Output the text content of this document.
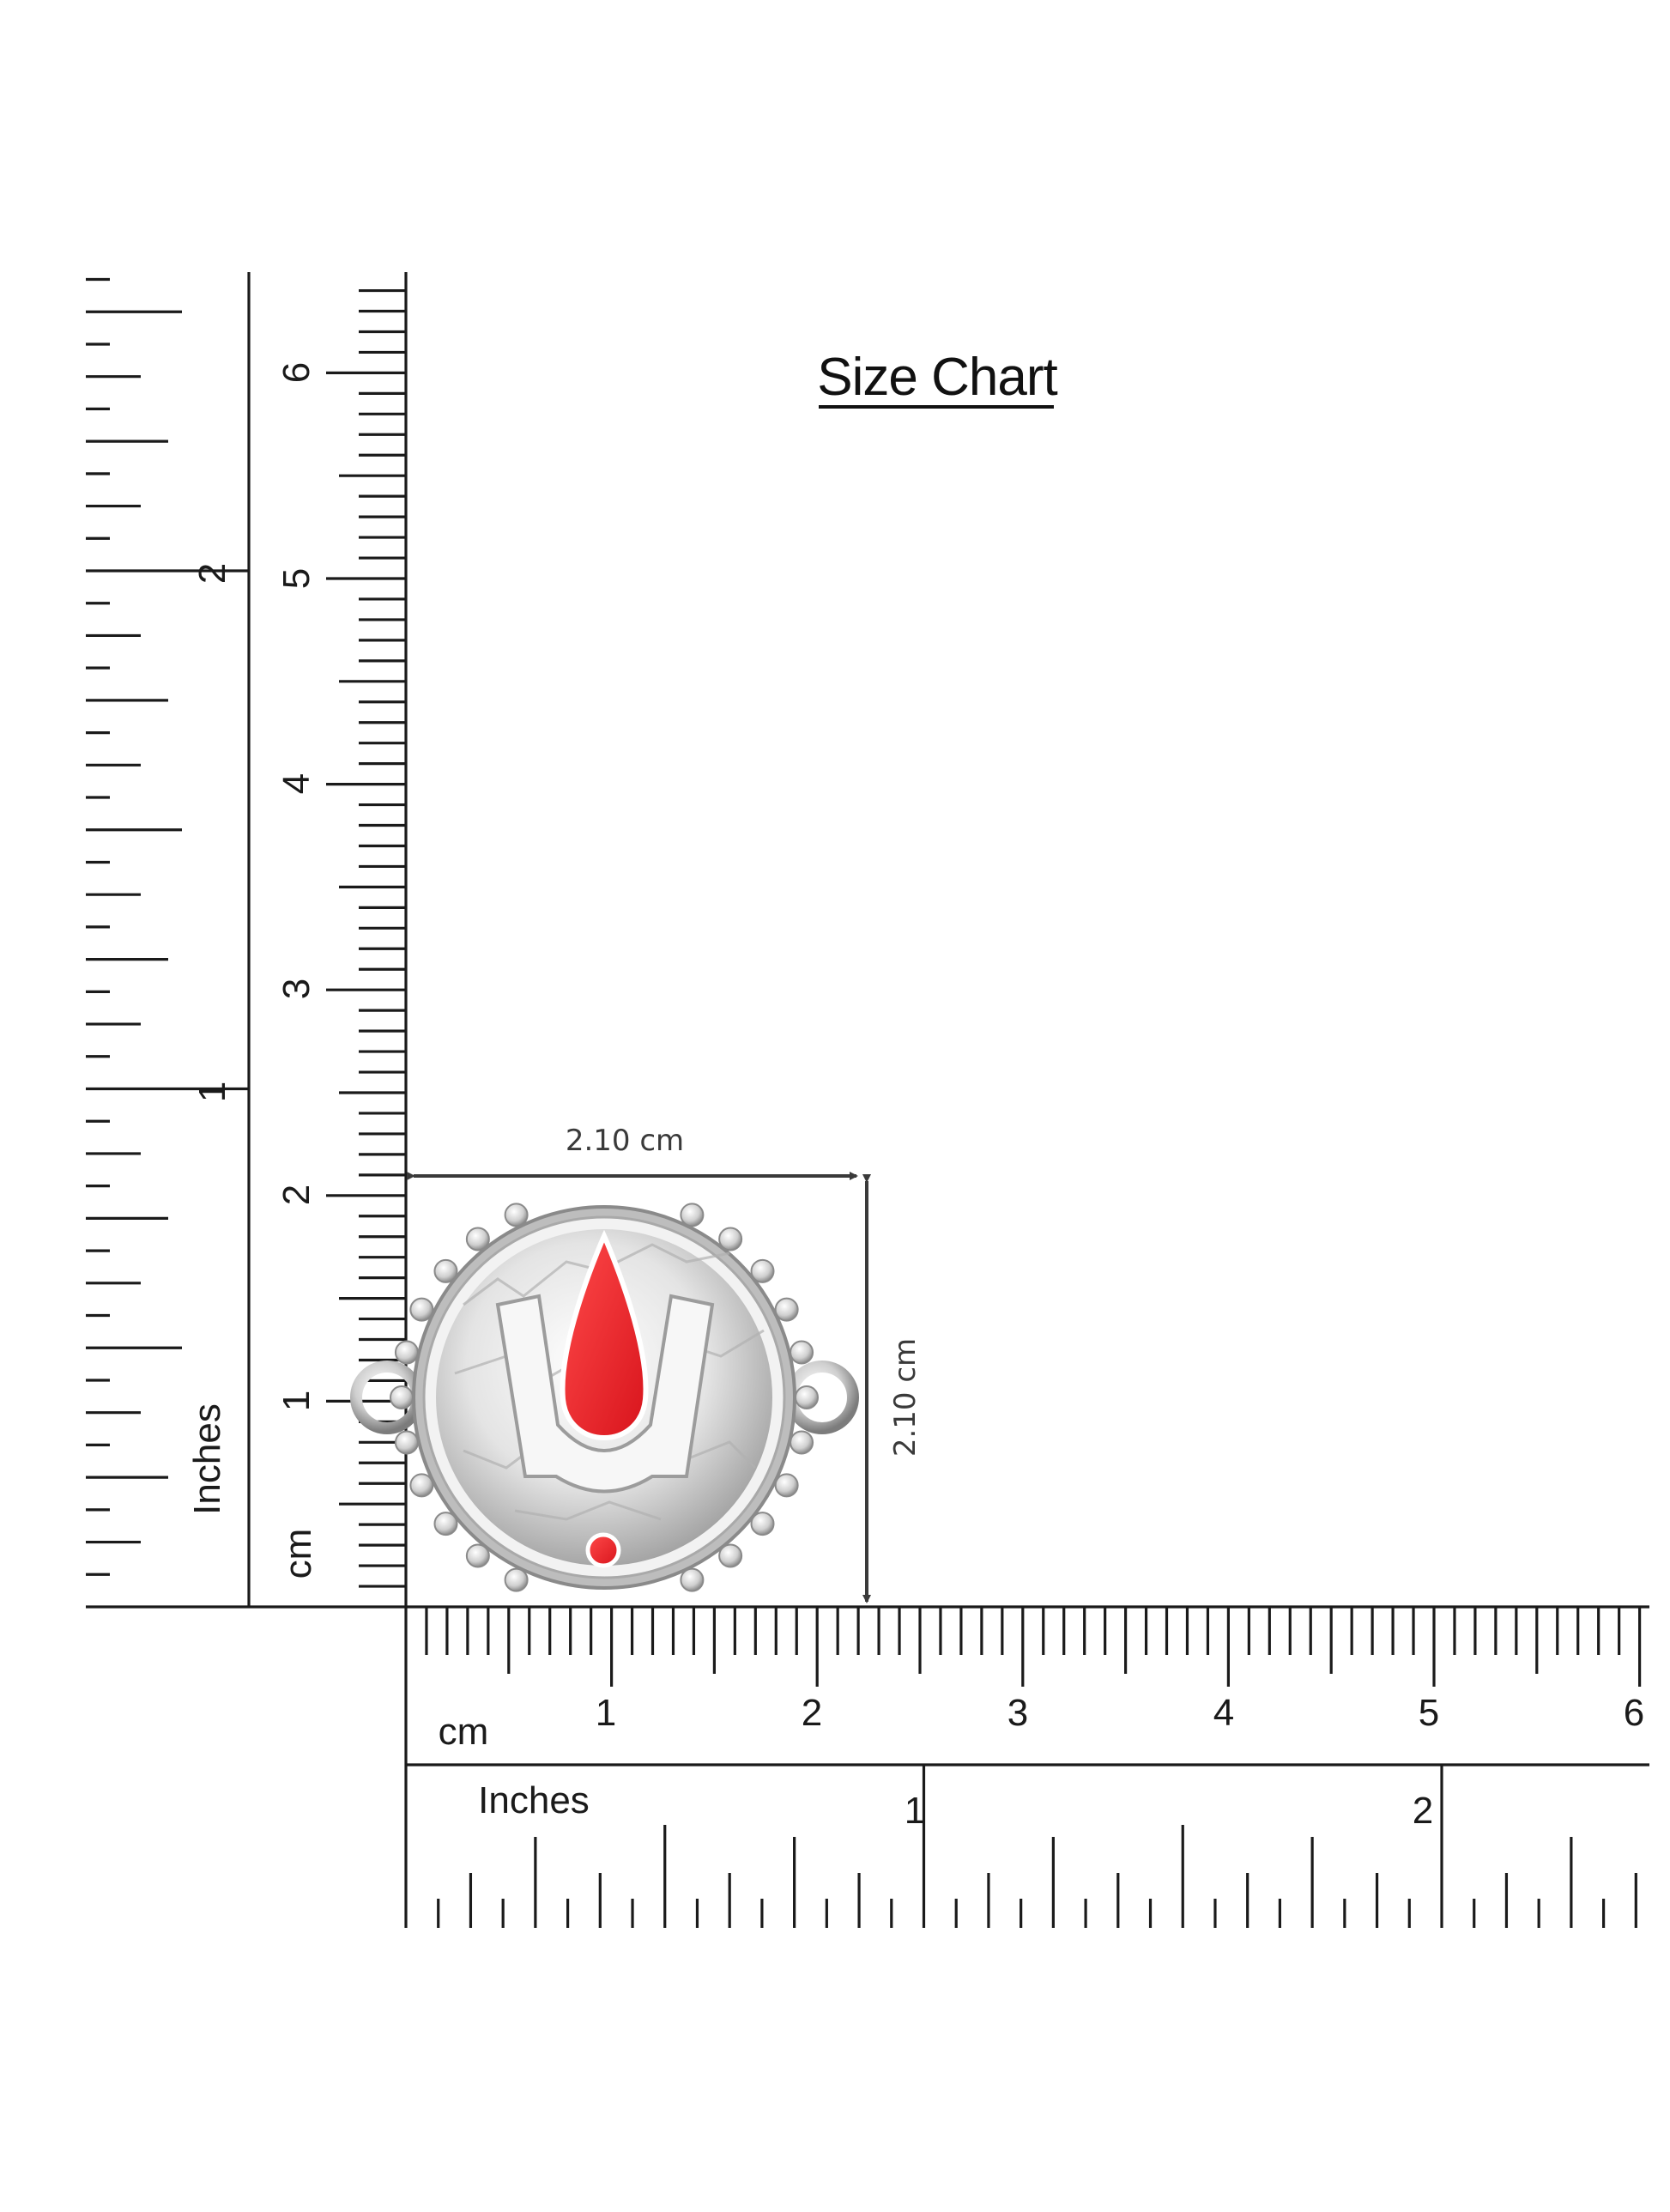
Size Chart
1
2
3
4
5
6
cm
1
2
Inches
1	2	3	4	5	6
cm
Inches	1	2
2.10 cm
2.10 cm
